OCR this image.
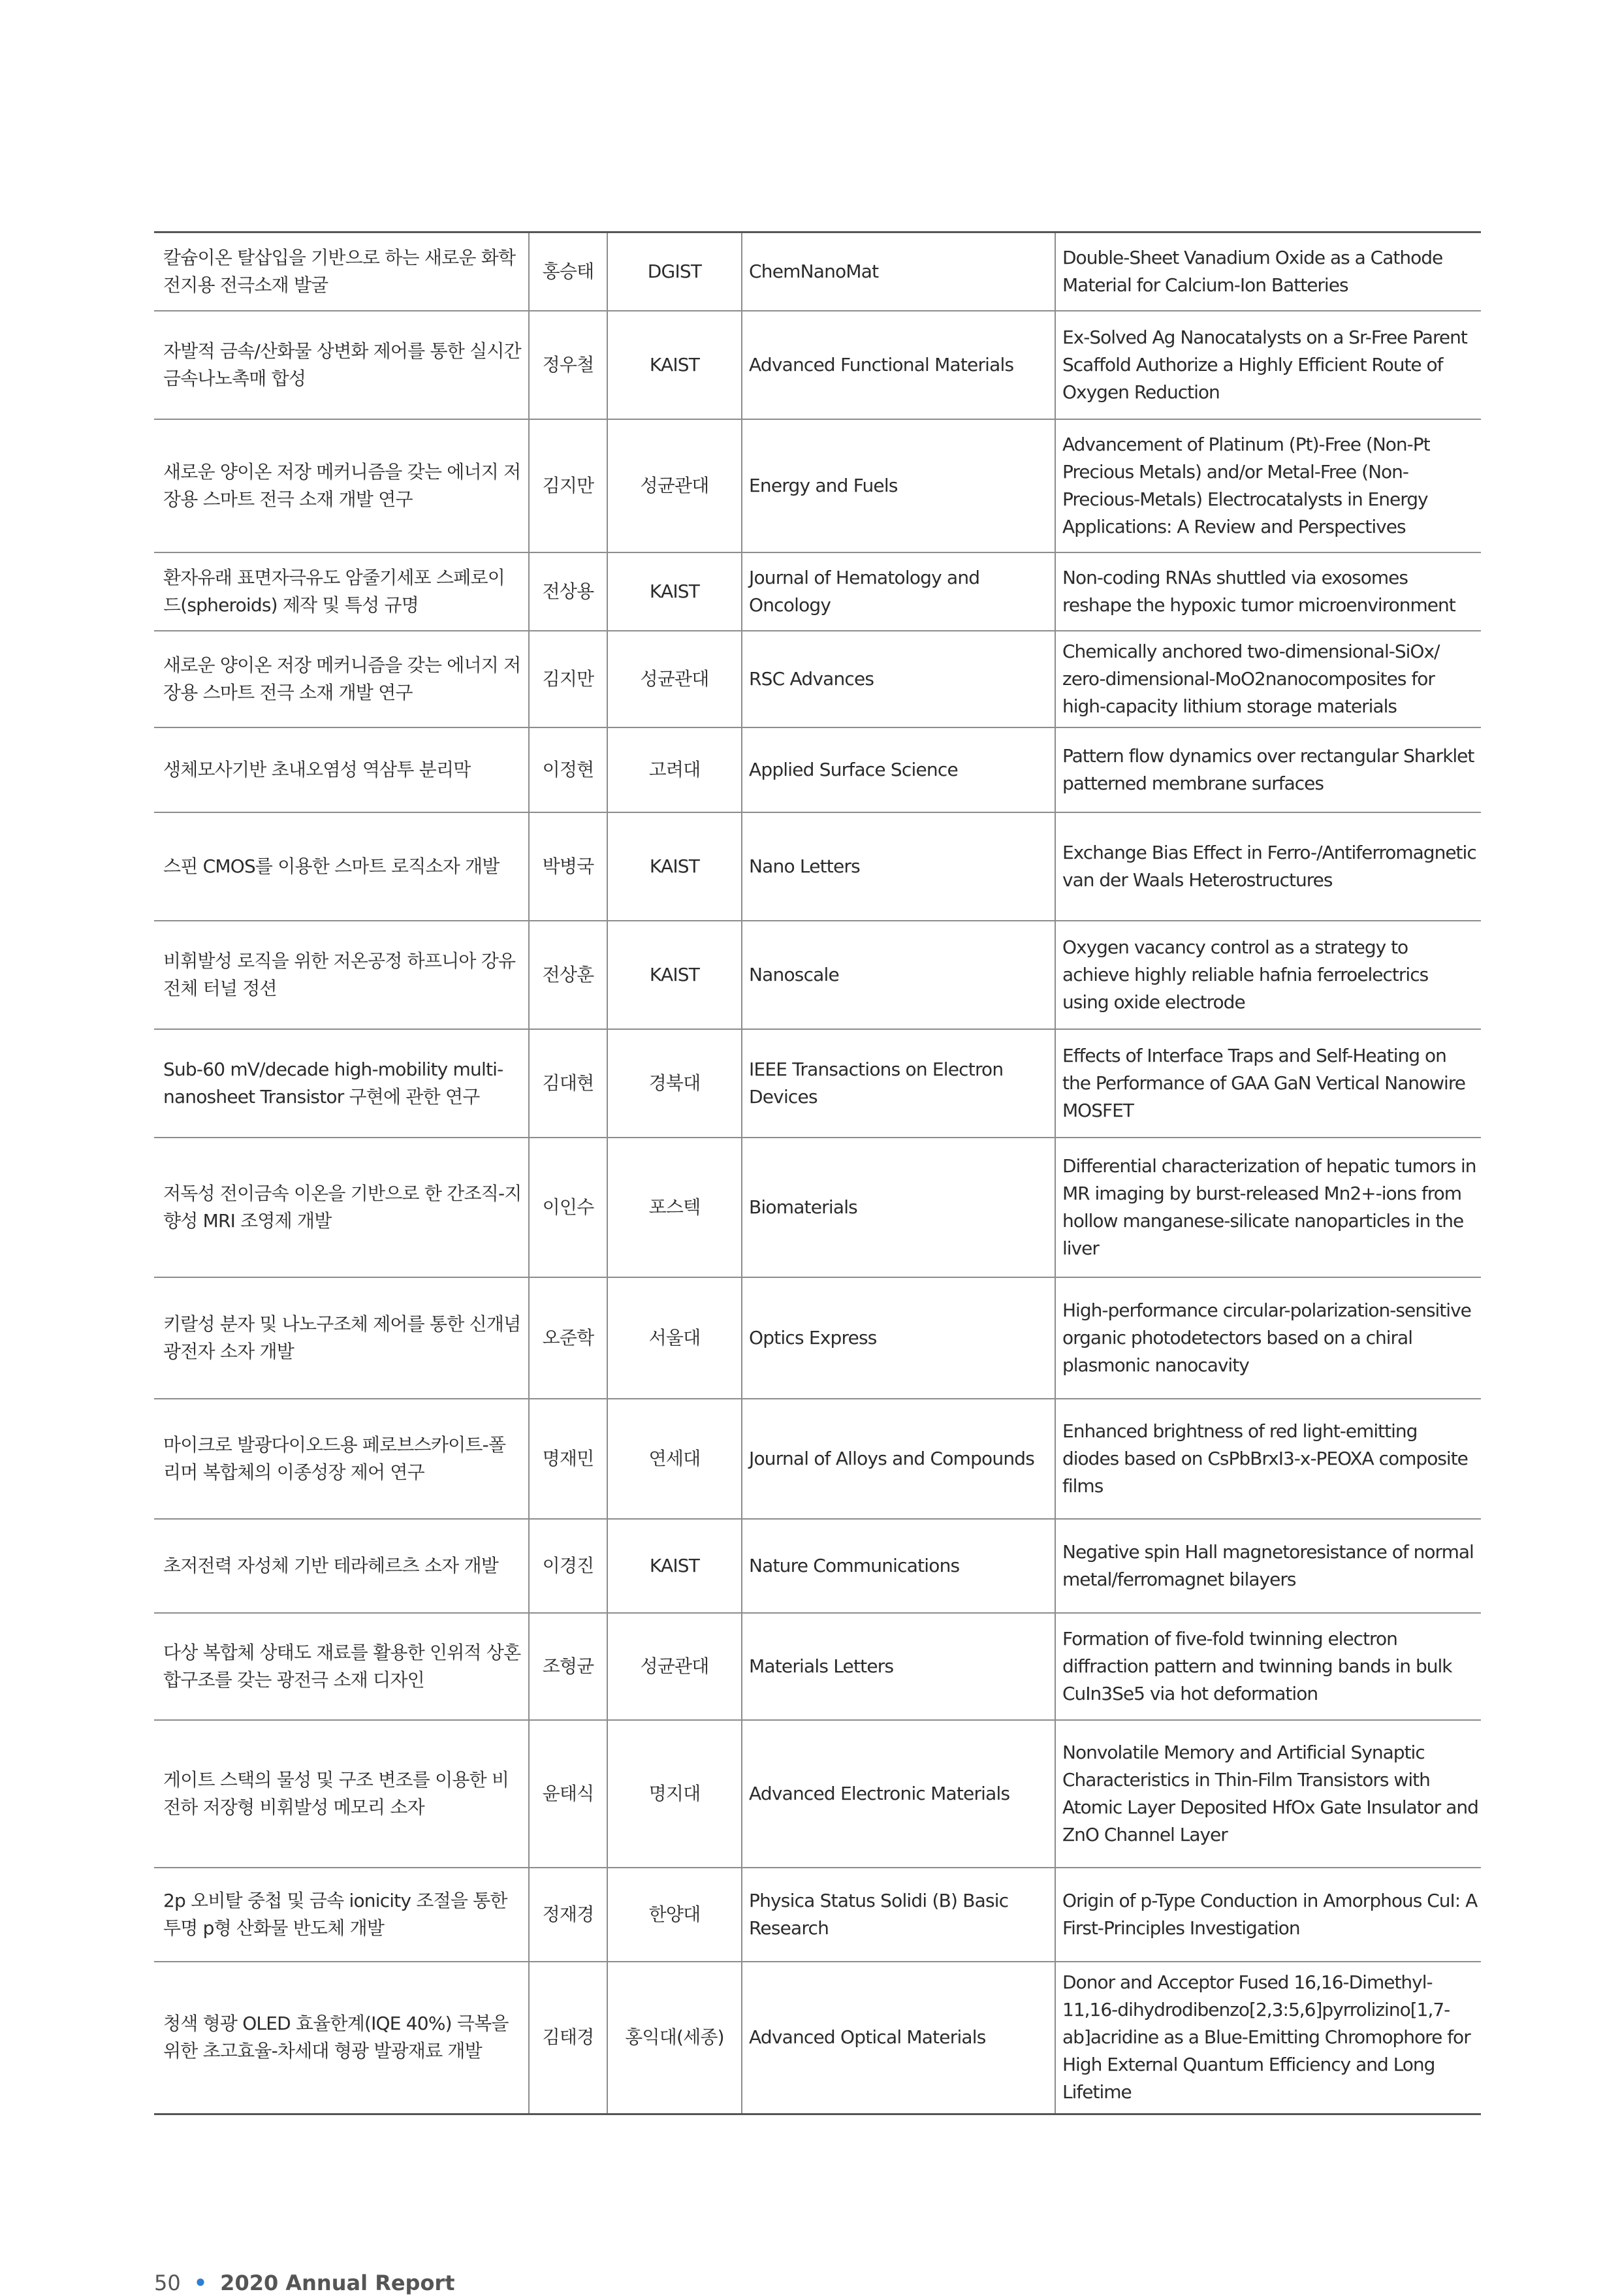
칼슘이온 탈삽입을 기반으로 하는 새로운 화학 전지용 전극소재 발굴	홍승태	DGIST	ChemNanoMat	Double-Sheet Vanadium Oxide as a Cathode Material for Calcium-Ion Batteries
자발적 금속/산화물 상변화 제어를 통한 실시간 금속나노촉매 합성	정우철	KAIST	Advanced Functional Materials	Ex-Solved Ag Nanocatalysts on a Sr-Free Parent Scaffold Authorize a Highly Efficient Route of Oxygen Reduction
새로운 양이온 저장 메커니즘을 갖는 에너지 저장용 스마트 전극 소재 개발 연구	김지만	성균관대	Energy and Fuels	Advancement of Platinum (Pt)-Free (Non-Pt Precious Metals) and/or Metal-Free (Non-Precious-Metals) Electrocatalysts in Energy Applications: A Review and Perspectives
환자유래 표면자극유도 암줄기세포 스페로이드(spheroids) 제작 및 특성 규명	전상용	KAIST	Journal of Hematology and Oncology	Non-coding RNAs shuttled via exosomes reshape the hypoxic tumor microenvironment
새로운 양이온 저장 메커니즘을 갖는 에너지 저장용 스마트 전극 소재 개발 연구	김지만	성균관대	RSC Advances	Chemically anchored two-dimensional-SiOx/ zero-dimensional-MoO2nanocomposites for high-capacity lithium storage materials
생체모사기반 초내오염성 역삼투 분리막	이정현	고려대	Applied Surface Science	Pattern flow dynamics over rectangular Sharklet patterned membrane surfaces
스핀 CMOS를 이용한 스마트 로직소자 개발	박병국	KAIST	Nano Letters	Exchange Bias Effect in Ferro-/Antiferromagnetic van der Waals Heterostructures
비휘발성 로직을 위한 저온공정 하프니아 강유전체 터널 정션	전상훈	KAIST	Nanoscale	Oxygen vacancy control as a strategy to achieve highly reliable hafnia ferroelectrics using oxide electrode
Sub-60 mV/decade high-mobility multi-nanosheet Transistor 구현에 관한 연구	김대현	경북대	IEEE Transactions on Electron Devices	Effects of Interface Traps and Self-Heating on the Performance of GAA GaN Vertical Nanowire MOSFET
저독성 전이금속 이온을 기반으로 한 간조직-지향성 MRI 조영제 개발	이인수	포스텍	Biomaterials	Differential characterization of hepatic tumors in MR imaging by burst-released Mn2+-ions from hollow manganese-silicate nanoparticles in the liver
키랄성 분자 및 나노구조체 제어를 통한 신개념 광전자 소자 개발	오준학	서울대	Optics Express	High-performance circular-polarization-sensitive organic photodetectors based on a chiral plasmonic nanocavity
마이크로 발광다이오드용 페로브스카이트-폴리머 복합체의 이종성장 제어 연구	명재민	연세대	Journal of Alloys and Compounds	Enhanced brightness of red light-emitting diodes based on CsPbBrxI3-x-PEOXA composite films
초저전력 자성체 기반 테라헤르츠 소자 개발	이경진	KAIST	Nature Communications	Negative spin Hall magnetoresistance of normal metal/ferromagnet bilayers
다상 복합체 상태도 재료를 활용한 인위적 상혼합구조를 갖는 광전극 소재 디자인	조형균	성균관대	Materials Letters	Formation of five-fold twinning electron diffraction pattern and twinning bands in bulk CuIn3Se5 via hot deformation
게이트 스택의 물성 및 구조 변조를 이용한 비전하 저장형 비휘발성 메모리 소자	윤태식	명지대	Advanced Electronic Materials	Nonvolatile Memory and Artificial Synaptic Characteristics in Thin-Film Transistors with Atomic Layer Deposited HfOx Gate Insulator and ZnO Channel Layer
2p 오비탈 중첩 및 금속 ionicity 조절을 통한 투명 p형 산화물 반도체 개발	정재경	한양대	Physica Status Solidi (B) Basic Research	Origin of p-Type Conduction in Amorphous CuI: A First-Principles Investigation
청색 형광 OLED 효율한계(IQE 40%) 극복을 위한 초고효율-차세대 형광 발광재료 개발	김태경	홍익대(세종)	Advanced Optical Materials	Donor and Acceptor Fused 16,16-Dimethyl-11,16-dihydrodibenzo[2,3:5,6]pyrrolizino[1,7-ab]acridine as a Blue-Emitting Chromophore for High External Quantum Efficiency and Long Lifetime
50 • 2020 Annual Report
